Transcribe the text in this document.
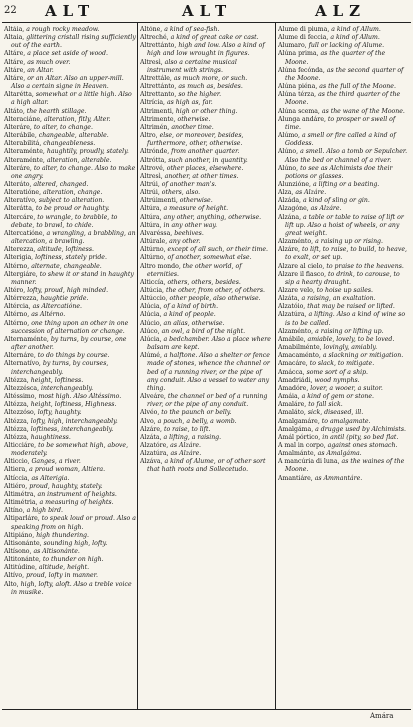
22 ALT	ALT	ALZ

Altáia, a rough rocky meadow.

Altaia, glittering cristall rising sufficiently out of the earth.

Altáre, a place set aside of wood.

Altáre, as much over.

Altáre, an Altar.

Altáre, or an Altar. Also an upper-mill. Also a certain signe in Heaven.

Altarétta, somewhat or a little high. Also a high altar.

Altáto, the hearth stillage.

Alteraciáne, alteration, fitly, Alter.

Alteráre, to alter, to change.

Alterábile, changeable, alterable.

Alterabilitá, changeableness.

Alteraménte, haughtily, proudly, stately.

Alteraménte, alteration, alterable.

Alteráre, to alter, to change. Also to make one angry.

Alteráto, altered, changed.

Alteratióne, alteration, change.

Alteratívo, subject to alteration.

Alterátta, to be proud or haughty.

Altercáre, to wrangle, to brabble, to debate, to brawl, to chide.

Altercatióne, a wrangling, a brabbling, an altercation, a brawling.

Alterezza, altitude, loftiness.

Alterigia, loftiness, stately pride.

Altérno, alternate, changeable.

Altergiáre, to shew it or stand in haughty manner.

Altéro, lofty, proud, high minded.

Altérrezza, haughtie pride.

Altércia, as Altercatióne.

Altérno, as Altérno.

Altérno, one thing upon an other in one succession of alternation or change.

Alternaménte, by turns, by course, one after another.

Alternáre, to do things by course.

Alternatívo, by turns, by courses, interchangeably.

Altézza, height, loftiness.

Altezzésca, interchangeably.

Altéssimo, most high. Also Altéssimo.

Altézza, height, loftiness, Highness.

Altezzóso, lofty, haughty.

Altézza, lofty, high, interchangeably.

Altézza, loftiness, interchangeably.

Altézza, haughtiness.

Alticciáre, to be somewhat high, above, moderately.

Alticcio, Ganges, a river.

Altiera, a proud woman, Altiera.

Altíccia, as Alterigia.

Altiéro, proud, haughty, stately.

Altimétra, an instrument of heights.

Altimétria, a measuring of heights.

Altíno, a high bird.

Altiparláre, to speak loud or proud. Also a speaking from on high.

Altipiáno, high thundering.

Altisonánte, sounding high, lofty.

Altísono, as Altisonánte.

Altitonánte, to thunder on high.

Altitúdine, altitude, height.

Altívo, proud, lofty in manner.

Alto, high, lofty, aloft. Also a treble voice in musike.

Altóne, a kind of sea-fish.

Altreché, a kind of great cake or cast.

Altrettánto, high and low. Also a kind of high and low wrought in figures.

Altresì, also a certaine musical instrument with strings.

Altrettále, as much more, or such.

Altrettánto, as much as, besides.

Altrettanto, so the higher.

Altrícia, as high as, far.

Altrimenti, high or other thing.

Altrimente, otherwise.

Altrimén, another time.

Altro, else, or moreover, besides, furthermore, other, otherwise.

Altrónde, from another quarter.

Altrótta, such another, in quantity.

Altrové, other places, elsewhere.

Altresì, another, at other times.

Altrúi, of another man's.

Altrúi, others, also.

Altrúimenti, otherwise.

Altúra, a measure of height.

Altúra, any other, anything, otherwise.

Altúra, in any other way.

Alvaréssa, beehives.

Altúrale, any other.

Altúrno, except of all such, or their time.

Altúrno, of another, somewhat else.

Altro mondo, the other world, of eternities.

Alticcía, others, others, besides.

Altúcia, the other, from other, of others.

Altúccio, other people, also otherwise.

Alúcia, of a kind of birth.

Alúcia, a kind of people.

Alúcio, an alias, otherwise.

Alúco, an owl, a bird of the night.

Alúcia, a bedchamber. Also a place where balsam are kept.

Alúmé, a halftone. Also a shelter or fence made of stones, whence the channel or bed of a running river, or the pipe of any conduit. Also a vessel to water any thing.

Alveáre, the channel or bed of a running river, or the pipe of any conduit.

Alvéo, to the paunch or belly.

Alvo, a pouch, a belly, a womb.

Alzáre, to raise, to lift.

Alzáta, a lifting, a raising.

Alzatóre, as Alzáre.

Alzatúra, as Alzáre.

Alzáva, a kind of Alume, or of other sort that hath roots and Sollecetudo.

Alume di piuma, a kind of Allum.

Alume di feccia, a kind of Allum.

Alumaro, full or lacking of Alume.

Alúna prima, as the quarter of the Moone.

Alúna fecónda, as the second quarter of the Moone.

Alúna piéna, as the full of the Moone.

Alúna térza, as the third quarter of the Moone.

Alúna scema, as the wane of the Moone.

Alunga andáre, to prosper or swell of time.

Alúmo, a smell or fire called a kind of Goddess.

Alúno, a smell. Also a tomb or Sepulcher. Also the bed or channel of a river.

Alúno, to see as Alchimists doe their potions or glasses.

Alunzióne, a lifting or a beating.

Alza, as Alzáre.

Alzáda, a kind of sling or gin.

Alzagóne, as Alzáre.

Alzána, a table or table to raise of lift or lift up. Also a hoist of wheels, or any great weight.

Alzaménto, a raising up or rising.

Alzáre, to lift, to raise, to build, to heave, to exalt, or set up.

Alzare al cielo, to praise to the heavens.

Alzare il fiasco, to drink, to carouse, to sip a hearty draught.

Alzare velo, to hoise up sailes.

Alzáta, a raising, an exaltation.

Alzatóio, that may be raised or lifted.

Alzatúra, a lifting. Also a kind of wine so is to be called.

Alzaménto, a raising or lifting up.

Amábile, amiable, lovely, to be loved.

Amabilménte, lovingly, amiably.

Amacaménto, a slackning or mitigation.

Amacáre, to slack, to mitigate.

Amácca, some sort of a ship.

Amadriádi, wood nymphs.

Amadóre, lover, a wooer, a suitor.

Amáia, a kind of gem or stone.

Amaláre, to fall sick.

Amaláto, sick, diseased, ill.

Amalgamáre, to amalgamate.

Amalgáma, a drugge used by Alchimists.

Amál pórtico, in antil (pity, so bed flat.

A mal in corpo, against ones stomach.

Amalmánte, as Amalgáma.

A mancúria di luna, as the waines of the Moone.

Amantiáre, as Ammantáre.

Amára
